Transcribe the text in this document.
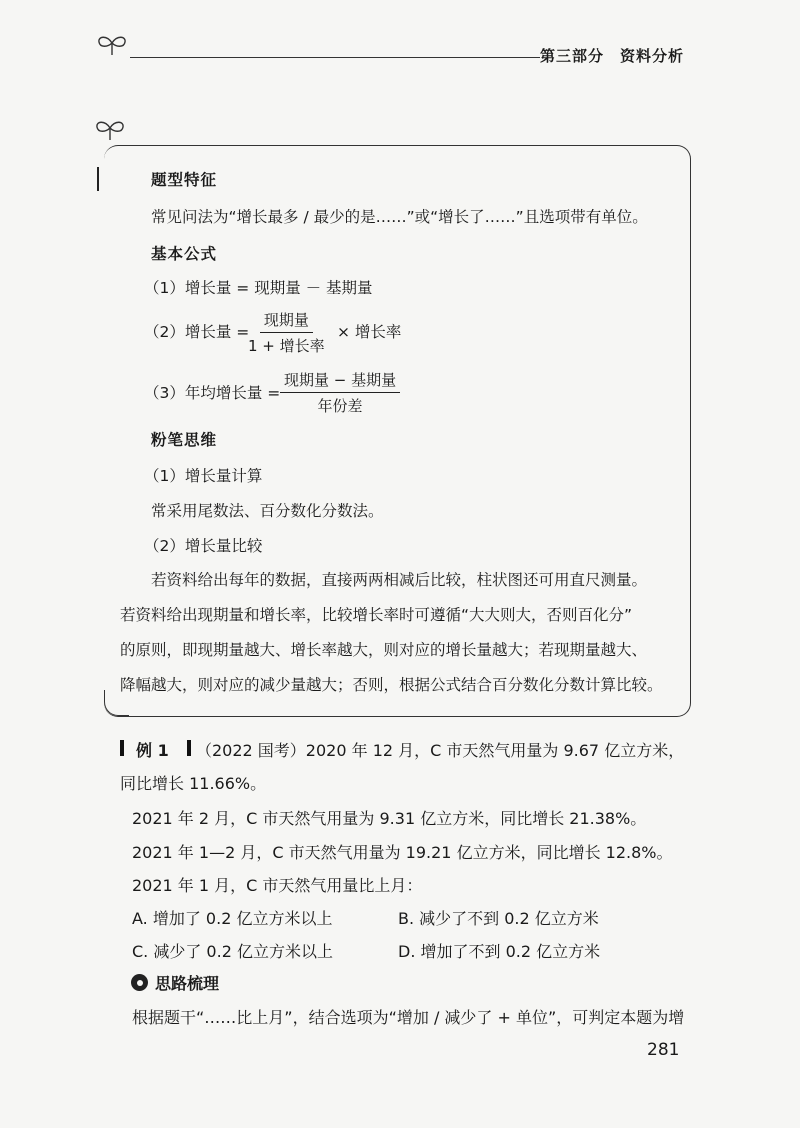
第三部分 资料分析
题型特征
常见问法为“增长最多 / 最少的是……”或“增长了……”且选项带有单位。
基本公式
（1）增长量 = 现期量 － 基期量
（2）增长量 =
现期量
1 + 增长率
× 增长率
（3）年均增长量 =
现期量 − 基期量
年份差
粉笔思维
（1）增长量计算
常采用尾数法、百分数化分数法。
（2）增长量比较
若资料给出每年的数据，直接两两相减后比较，柱状图还可用直尺测量。
若资料给出现期量和增长率，比较增长率时可遵循“大大则大，否则百化分”
的原则，即现期量越大、增长率越大，则对应的增长量越大；若现期量越大、
降幅越大，则对应的减少量越大；否则，根据公式结合百分数化分数计算比较。
例 1 （2022 国考）2020 年 12 月，C 市天然气用量为 9.67 亿立方米，
同比增长 11.66%。
2021 年 2 月，C 市天然气用量为 9.31 亿立方米，同比增长 21.38%。
2021 年 1—2 月，C 市天然气用量为 19.21 亿立方米，同比增长 12.8%。
2021 年 1 月，C 市天然气用量比上月：
A. 增加了 0.2 亿立方米以上	B. 减少了不到 0.2 亿立方米
C. 减少了 0.2 亿立方米以上	D. 增加了不到 0.2 亿立方米
思路梳理
根据题干“……比上月”，结合选项为“增加 / 减少了 + 单位”，可判定本题为增
281
